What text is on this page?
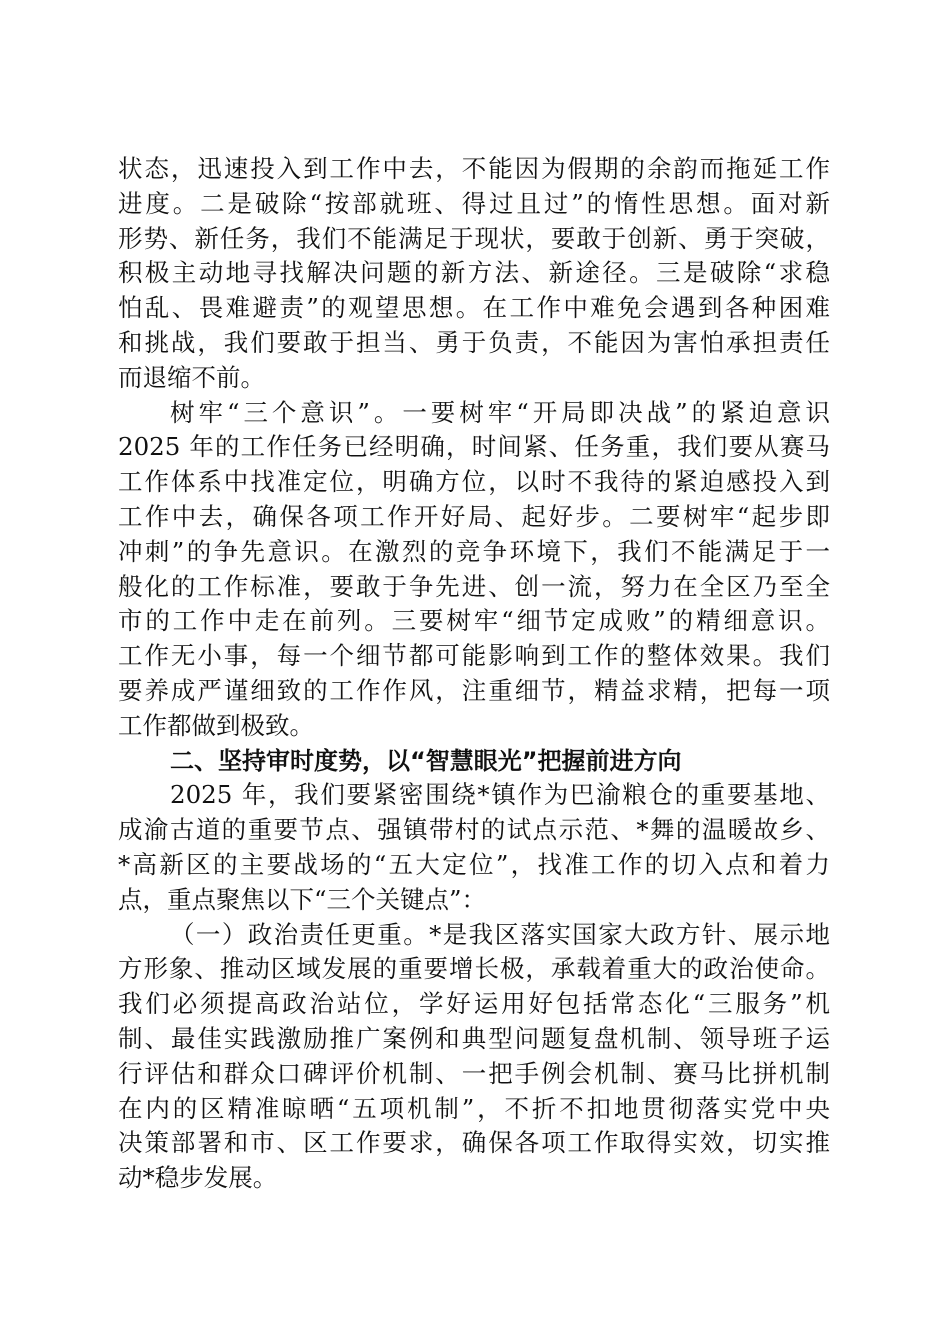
状态，迅速投入到工作中去，不能因为假期的余韵而拖延工作
进度。二是破除“按部就班、得过且过”的惰性思想。面对新
形势、新任务，我们不能满足于现状，要敢于创新、勇于突破，
积极主动地寻找解决问题的新方法、新途径。三是破除“求稳
怕乱、畏难避责”的观望思想。在工作中难免会遇到各种困难
和挑战，我们要敢于担当、勇于负责，不能因为害怕承担责任
而退缩不前。
树牢“三个意识”。一要树牢“开局即决战”的紧迫意识
2025 年的工作任务已经明确，时间紧、任务重，我们要从赛马
工作体系中找准定位，明确方位，以时不我待的紧迫感投入到
工作中去，确保各项工作开好局、起好步。二要树牢“起步即
冲刺”的争先意识。在激烈的竞争环境下，我们不能满足于一
般化的工作标准，要敢于争先进、创一流，努力在全区乃至全
市的工作中走在前列。三要树牢“细节定成败”的精细意识。
工作无小事，每一个细节都可能影响到工作的整体效果。我们
要养成严谨细致的工作作风，注重细节，精益求精，把每一项
工作都做到极致。
二、坚持审时度势，以“智慧眼光”把握前进方向
2025 年，我们要紧密围绕*镇作为巴渝粮仓的重要基地、
成渝古道的重要节点、强镇带村的试点示范、*舞的温暖故乡、
*高新区的主要战场的“五大定位”，找准工作的切入点和着力
点，重点聚焦以下“三个关键点”：
（一）政治责任更重。*是我区落实国家大政方针、展示地
方形象、推动区域发展的重要增长极，承载着重大的政治使命。
我们必须提高政治站位，学好运用好包括常态化“三服务”机
制、最佳实践激励推广案例和典型问题复盘机制、领导班子运
行评估和群众口碑评价机制、一把手例会机制、赛马比拼机制
在内的区精准晾晒“五项机制”，不折不扣地贯彻落实党中央
决策部署和市、区工作要求，确保各项工作取得实效，切实推
动*稳步发展。
